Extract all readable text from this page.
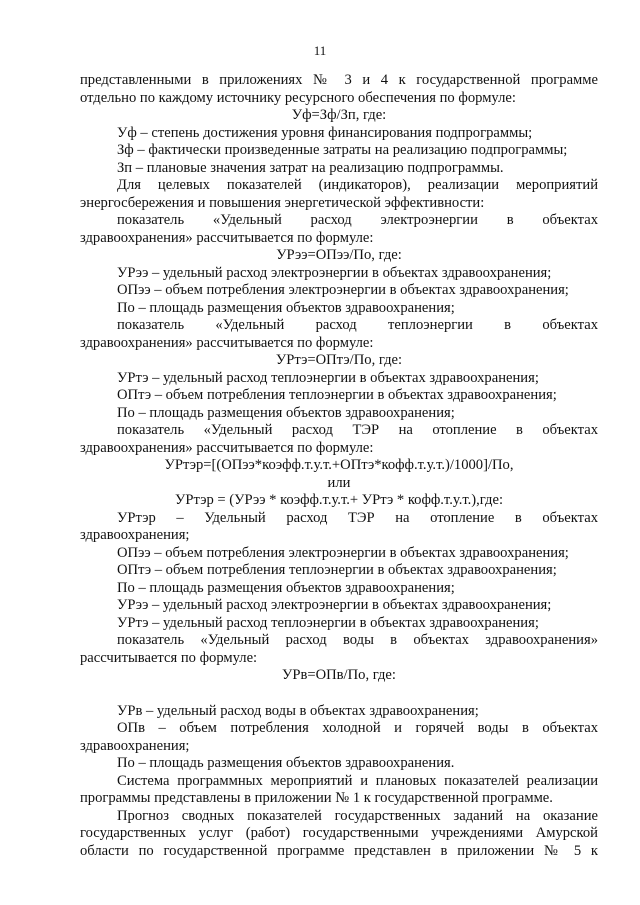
11

представленными в приложениях № 3 и 4 к государственной программе

отдельно по каждому источнику ресурсного обеспечения по формуле:

Уф=Зф/Зп, где:

Уф – степень достижения уровня финансирования подпрограммы;

Зф – фактически произведенные затраты на реализацию подпрограммы;

Зп – плановые значения затрат на реализацию подпрограммы.

Для целевых показателей (индикаторов), реализации мероприятий

энергосбережения и повышения энергетической эффективности:

показатель «Удельный расход электроэнергии в объектах

здравоохранения» рассчитывается по формуле:

УРээ=ОПээ/По, где:

УРээ – удельный расход электроэнергии в объектах здравоохранения;

ОПээ – объем потребления электроэнергии в объектах здравоохранения;

По – площадь размещения объектов здравоохранения;

показатель «Удельный расход теплоэнергии в объектах

здравоохранения» рассчитывается по формуле:

УРтэ=ОПтэ/По, где:

УРтэ – удельный расход теплоэнергии в объектах здравоохранения;

ОПтэ – объем потребления теплоэнергии в объектах здравоохранения;

По – площадь размещения объектов здравоохранения;

показатель «Удельный расход ТЭР на отопление в объектах

здравоохранения» рассчитывается по формуле:

УРтэр=[(ОПээ*коэфф.т.у.т.+ОПтэ*кофф.т.у.т.)/1000]/По,

или

УРтэр = (УРээ * коэфф.т.у.т.+ УРтэ * кофф.т.у.т.),где:

УРтэр – Удельный расход ТЭР на отопление в объектах

здравоохранения;

ОПээ – объем потребления электроэнергии в объектах здравоохранения;

ОПтэ – объем потребления теплоэнергии в объектах здравоохранения;

По – площадь размещения объектов здравоохранения;

УРээ – удельный расход электроэнергии в объектах здравоохранения;

УРтэ – удельный расход теплоэнергии в объектах здравоохранения;

показатель «Удельный расход воды в объектах здравоохранения»

рассчитывается по формуле:

УРв=ОПв/По, где:

УРв – удельный расход воды в объектах здравоохранения;

ОПв – объем потребления холодной и горячей воды в объектах

здравоохранения;

По – площадь размещения объектов здравоохранения.

Система программных мероприятий и плановых показателей реализации

программы представлены в приложении № 1 к государственной программе.

Прогноз сводных показателей государственных заданий на оказание

государственных услуг (работ) государственными учреждениями Амурской

области по государственной программе представлен в приложении № 5 к
